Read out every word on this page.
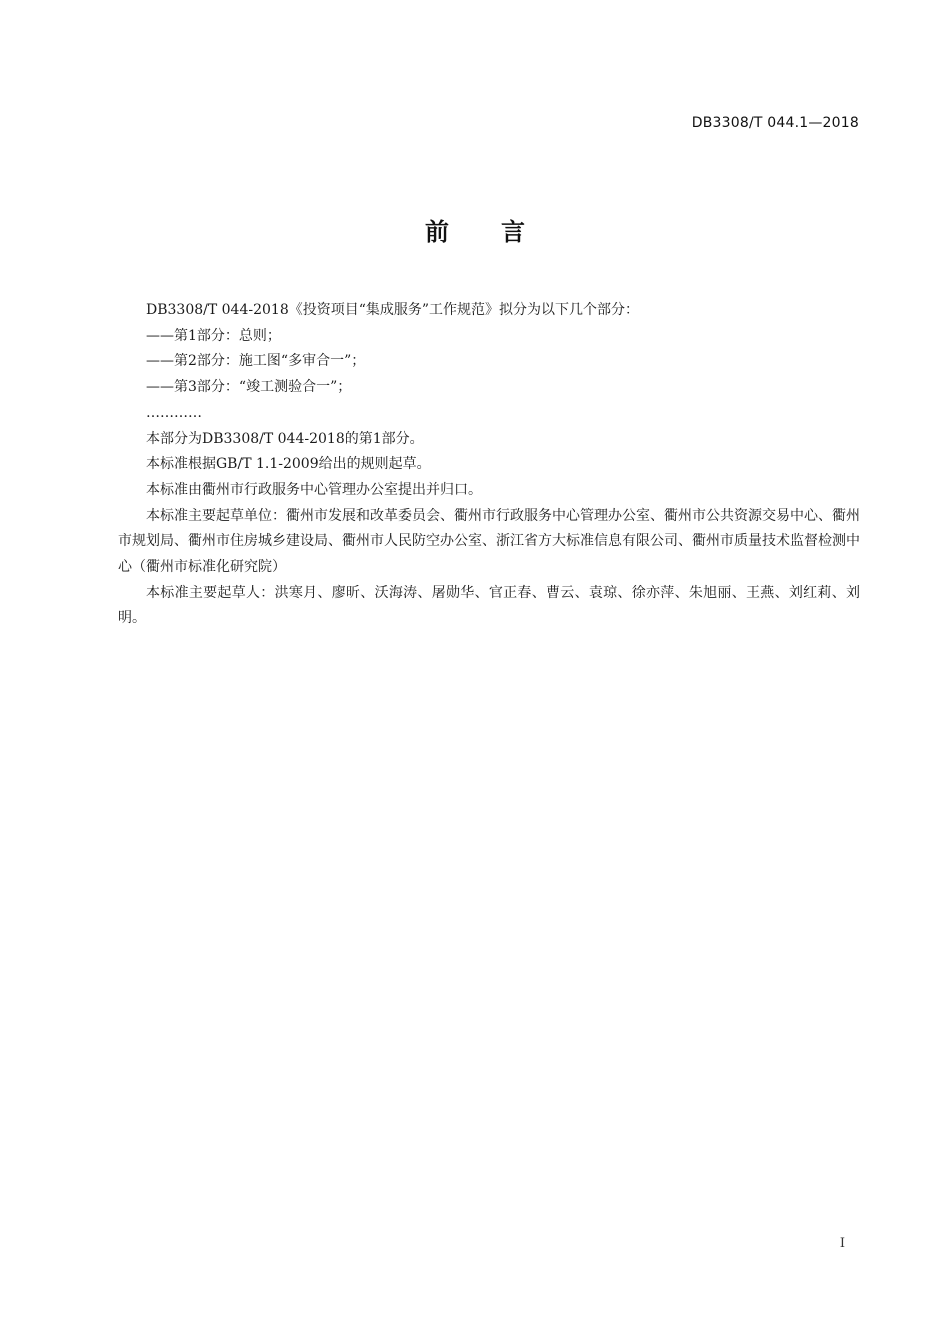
DB3308/T 044.1—2018
前 言

DB3308/T 044-2018《投资项目“集成服务”工作规范》拟分为以下几个部分：

——第1部分：总则；

——第2部分：施工图“多审合一”；

——第3部分：“竣工测验合一”；

…………

本部分为DB3308/T 044-2018的第1部分。

本标准根据GB/T 1.1-2009给出的规则起草。

本标准由衢州市行政服务中心管理办公室提出并归口。

本标准主要起草单位：衢州市发展和改革委员会、衢州市行政服务中心管理办公室、衢州市公共资源交易中心、衢州市规划局、衢州市住房城乡建设局、衢州市人民防空办公室、浙江省方大标准信息有限公司、衢州市质量技术监督检测中心（衢州市标准化研究院）

本标准主要起草人：洪寒月、廖昕、沃海涛、屠勋华、官正春、曹云、袁琼、徐亦萍、朱旭丽、王燕、刘红莉、刘明。

I
